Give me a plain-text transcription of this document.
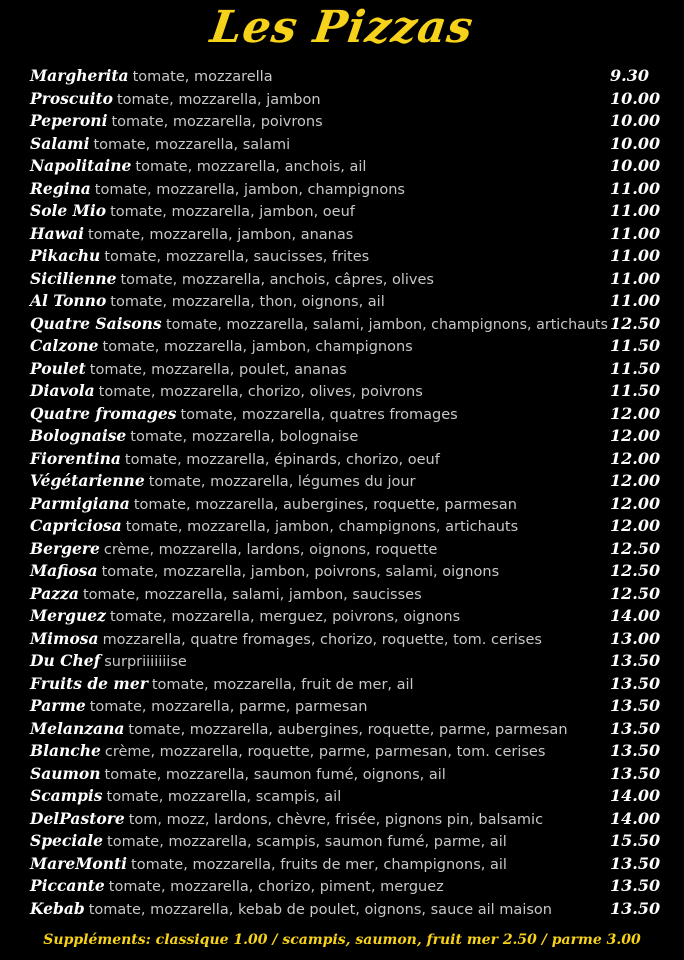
Les Pizzas
Margherita tomate, mozzarella	9.30
Proscuito tomate, mozzarella, jambon	10.00
Peperoni tomate, mozzarella, poivrons	10.00
Salami tomate, mozzarella, salami	10.00
Napolitaine tomate, mozzarella, anchois, ail	10.00
Regina tomate, mozzarella, jambon, champignons	11.00
Sole Mio tomate, mozzarella, jambon, oeuf	11.00
Hawai tomate, mozzarella, jambon, ananas	11.00
Pikachu tomate, mozzarella, saucisses, frites	11.00
Sicilienne tomate, mozzarella, anchois, câpres, olives	11.00
Al Tonno tomate, mozzarella, thon, oignons, ail	11.00
Quatre Saisons tomate, mozzarella, salami, jambon, champignons, artichauts 12.50
Calzone tomate, mozzarella, jambon, champignons	11.50
Poulet tomate, mozzarella, poulet, ananas	11.50
Diavola tomate, mozzarella, chorizo, olives, poivrons	11.50
Quatre fromages tomate, mozzarella, quatres fromages	12.00
Bolognaise tomate, mozzarella, bolognaise	12.00
Fiorentina tomate, mozzarella, épinards, chorizo, oeuf	12.00
Végétarienne tomate, mozzarella, légumes du jour	12.00
Parmigiana tomate, mozzarella, aubergines, roquette, parmesan	12.00
Capriciosa tomate, mozzarella, jambon, champignons, artichauts	12.00
Bergere crème, mozzarella, lardons, oignons, roquette	12.50
Mafiosa tomate, mozzarella, jambon, poivrons, salami, oignons	12.50
Pazza tomate, mozzarella, salami, jambon, saucisses	12.50
Merguez tomate, mozzarella, merguez, poivrons, oignons	14.00
Mimosa mozzarella, quatre fromages, chorizo, roquette, tom. cerises	13.00
Du Chef surpriiiiiiise	13.50
Fruits de mer tomate, mozzarella, fruit de mer, ail	13.50
Parme tomate, mozzarella, parme, parmesan	13.50
Melanzana tomate, mozzarella, aubergines, roquette, parme, parmesan	13.50
Blanche crème, mozzarella, roquette, parme, parmesan, tom. cerises	13.50
Saumon tomate, mozzarella, saumon fumé, oignons, ail	13.50
Scampis tomate, mozzarella, scampis, ail	14.00
DelPastore tom, mozz, lardons, chèvre, frisée, pignons pin, balsamic	14.00
Speciale tomate, mozzarella, scampis, saumon fumé, parme, ail	15.50
MareMonti tomate, mozzarella, fruits de mer, champignons, ail	13.50
Piccante tomate, mozzarella, chorizo, piment, merguez	13.50
Kebab tomate, mozzarella, kebab de poulet, oignons, sauce ail maison	13.50
Suppléments: classique 1.00 / scampis, saumon, fruit mer 2.50 / parme 3.00
